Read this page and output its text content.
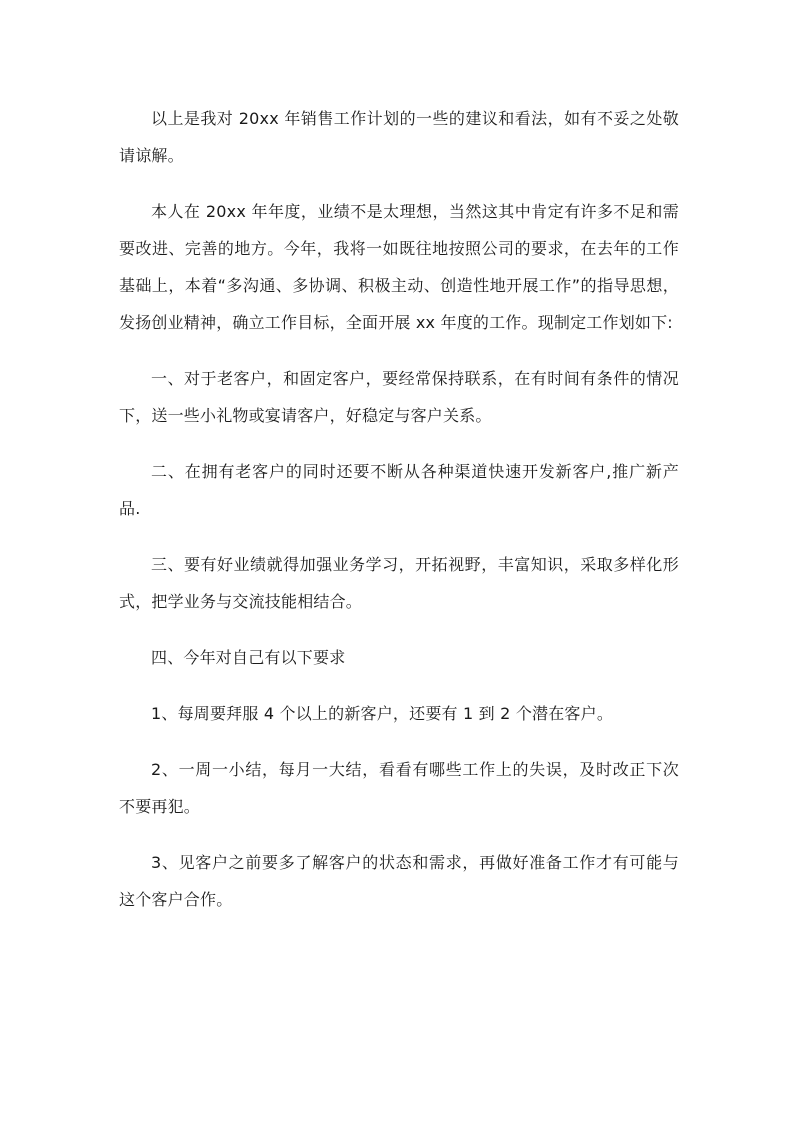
以上是我对 20xx 年销售工作计划的一些的建议和看法，如有不妥之处敬请谅解。

本人在 20xx 年年度，业绩不是太理想，当然这其中肯定有许多不足和需要改进、完善的地方。今年，我将一如既往地按照公司的要求，在去年的工作基础上，本着“多沟通、多协调、积极主动、创造性地开展工作”的指导思想，发扬创业精神，确立工作目标，全面开展 xx 年度的工作。现制定工作划如下:

一、对于老客户，和固定客户，要经常保持联系，在有时间有条件的情况下，送一些小礼物或宴请客户，好稳定与客户关系。

二、在拥有老客户的同时还要不断从各种渠道快速开发新客户,推广新产品.

三、要有好业绩就得加强业务学习，开拓视野，丰富知识，采取多样化形式，把学业务与交流技能相结合。

四、今年对自己有以下要求

1、每周要拜服 4 个以上的新客户，还要有 1 到 2 个潜在客户。

2、一周一小结，每月一大结，看看有哪些工作上的失误，及时改正下次不要再犯。

3、见客户之前要多了解客户的状态和需求，再做好准备工作才有可能与这个客户合作。
